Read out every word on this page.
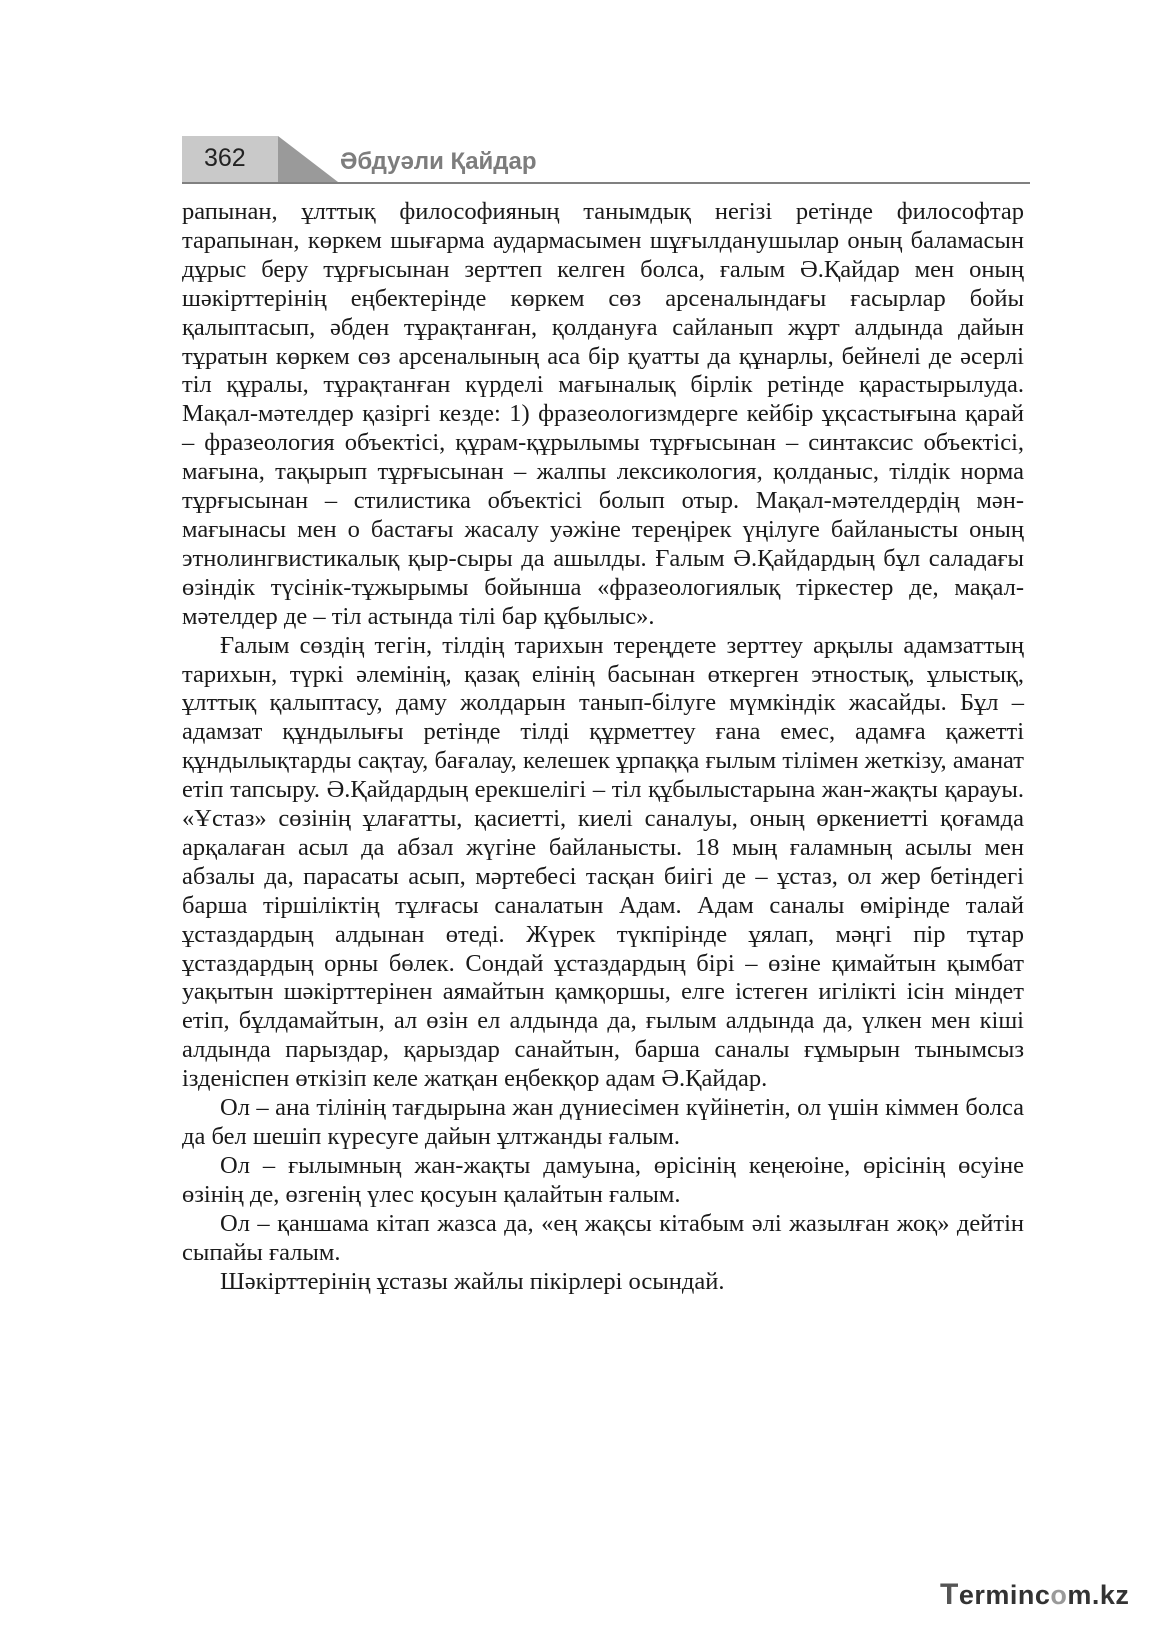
362	Әбдуәли Қайдар

рапынан, ұлттық философияның танымдық негізі ретінде философтар тарапынан, көркем шығарма аудармасымен шұғылданушылар оның баламасын дұрыс беру тұрғысынан зерттеп келген болса, ғалым Ә.Қайдар мен оның шәкірттерінің еңбектерінде көркем сөз арсеналындағы ғасырлар бойы қалыптасып, әбден тұрақтанған, қолдануға сайланып жұрт алдында дайын тұратын көркем сөз арсеналының аса бір қуатты да құнарлы, бейнелі де әсерлі тіл құралы, тұрақтанған күрделі мағыналық бірлік ретінде қарастырылуда. Мақал-мәтелдер қазіргі кезде: 1) фразеологизмдерге кейбір ұқсастығына қарай – фразеология объектісі, құрам-құрылымы тұрғысынан – синтаксис объектісі, мағына, тақырып тұрғысынан – жалпы лексикология, қолданыс, тілдік норма тұрғысынан – стилистика объектісі болып отыр. Мақал-мәтелдердің мән-мағынасы мен о бастағы жасалу уәжіне тереңірек үңілуге байланысты оның этнолингвистикалық қыр-сыры да ашылды. Ғалым Ә.Қайдардың бұл саладағы өзіндік түсінік-тұжырымы бойынша «фразеологиялық тіркестер де, мақал-мәтелдер де – тіл астында тілі бар құбылыс».

Ғалым сөздің тегін, тілдің тарихын тереңдете зерттеу арқылы адамзаттың тарихын, түркі әлемінің, қазақ елінің басынан өткерген этностық, ұлыстық, ұлттық қалыптасу, даму жолдарын танып-білуге мүмкіндік жасайды. Бұл – адамзат құндылығы ретінде тілді құрметтеу ғана емес, адамға қажетті құндылықтарды сақтау, бағалау, келешек ұрпаққа ғылым тілімен жеткізу, аманат етіп тапсыру. Ә.Қайдардың ерекшелігі – тіл құбылыстарына жан-жақты қарауы. «Ұстаз» сөзінің ұлағатты, қасиетті, киелі саналуы, оның өркениетті қоғамда арқалаған асыл да абзал жүгіне байланысты. 18 мың ғаламның асылы мен абзалы да, парасаты асып, мәртебесі тасқан биігі де – ұстаз, ол жер бетіндегі барша тіршіліктің тұлғасы саналатын Адам. Адам саналы өмірінде талай ұстаздардың алдынан өтеді. Жүрек түкпірінде ұялап, мәңгі пір тұтар ұстаздардың орны бөлек. Сондай ұстаздардың бірі – өзіне қимайтын қымбат уақытын шәкірттерінен аямайтын қамқоршы, елге істеген игілікті ісін міндет етіп, бұлдамайтын, ал өзін ел алдында да, ғылым алдында да, үлкен мен кіші алдында парыздар, қарыздар санайтын, барша саналы ғұмырын тынымсыз ізденіспен өткізіп келе жатқан еңбекқор адам Ә.Қайдар.

Ол – ана тілінің тағдырына жан дүниесімен күйінетін, ол үшін кіммен болса да бел шешіп күресуге дайын ұлтжанды ғалым.

Ол – ғылымның жан-жақты дамуына, өрісінің кеңеюіне, өрісінің өсуіне өзінің де, өзгенің үлес қосуын қалайтын ғалым.

Ол – қаншама кітап жазса да, «ең жақсы кітабым әлі жазылған жоқ» дейтін сыпайы ғалым.

Шәкірттерінің ұстазы жайлы пікірлері осындай.

Termincom.kz
